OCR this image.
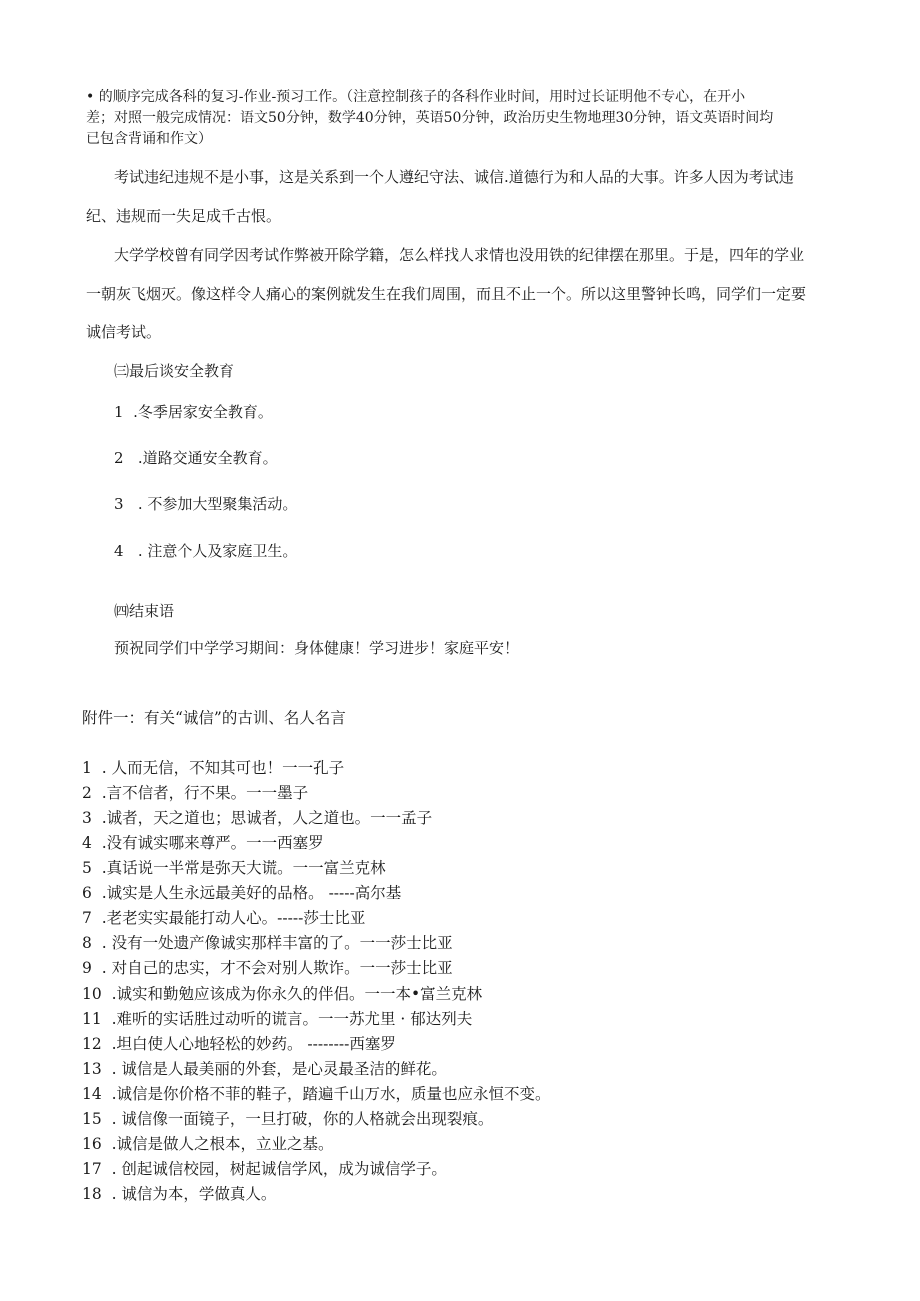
• 的顺序完成各科的复习-作业-预习工作。（注意控制孩子的各科作业时间，用时过长证明他不专心，在开小
差；对照一般完成情况：语文50分钟，数学40分钟，英语50分钟，政治历史生物地理30分钟，语文英语时间均
已包含背诵和作文）
考试违纪违规不是小事，这是关系到一个人遵纪守法、诚信.道德行为和人品的大事。许多人因为考试违
纪、违规而一失足成千古恨。
大学学校曾有同学因考试作弊被开除学籍，怎么样找人求情也没用铁的纪律摆在那里。于是，四年的学业
一朝灰飞烟灭。像这样令人痛心的案例就发生在我们周围，而且不止一个。所以这里警钟长鸣，同学们一定要
诚信考试。
㈢最后谈安全教育
1  .冬季居家安全教育。
2   .道路交通安全教育。
3   . 不参加大型聚集活动。
4   . 注意个人及家庭卫生。
㈣结束语
预祝同学们中学学习期间：身体健康！学习进步！家庭平安！
附件一：有关“诚信”的古训、名人名言
1  . 人而无信，不知其可也！一一孔子
2  .言不信者，行不果。一一墨子
3  .诚者，天之道也；思诚者，人之道也。一一孟子
4  .没有诚实哪来尊严。一一西塞罗
5  .真话说一半常是弥天大谎。一一富兰克林
6  .诚实是人生永远最美好的品格。 -----高尔基
7  .老老实实最能打动人心。-----莎士比亚
8  . 没有一处遗产像诚实那样丰富的了。一一莎士比亚
9  . 对自己的忠实，才不会对别人欺诈。一一莎士比亚
10  .诚实和勤勉应该成为你永久的伴侣。一一本•富兰克林
11  .难听的实话胜过动听的谎言。一一苏尤里 · 郁达列夫
12  .坦白使人心地轻松的妙药。 --------西塞罗
13  . 诚信是人最美丽的外套，是心灵最圣洁的鲜花。
14  .诚信是你价格不菲的鞋子，踏遍千山万水，质量也应永恒不变。
15  . 诚信像一面镜子，一旦打破，你的人格就会出现裂痕。
16  .诚信是做人之根本，立业之基。
17  . 创起诚信校园，树起诚信学风，成为诚信学子。
18  . 诚信为本，学做真人。
